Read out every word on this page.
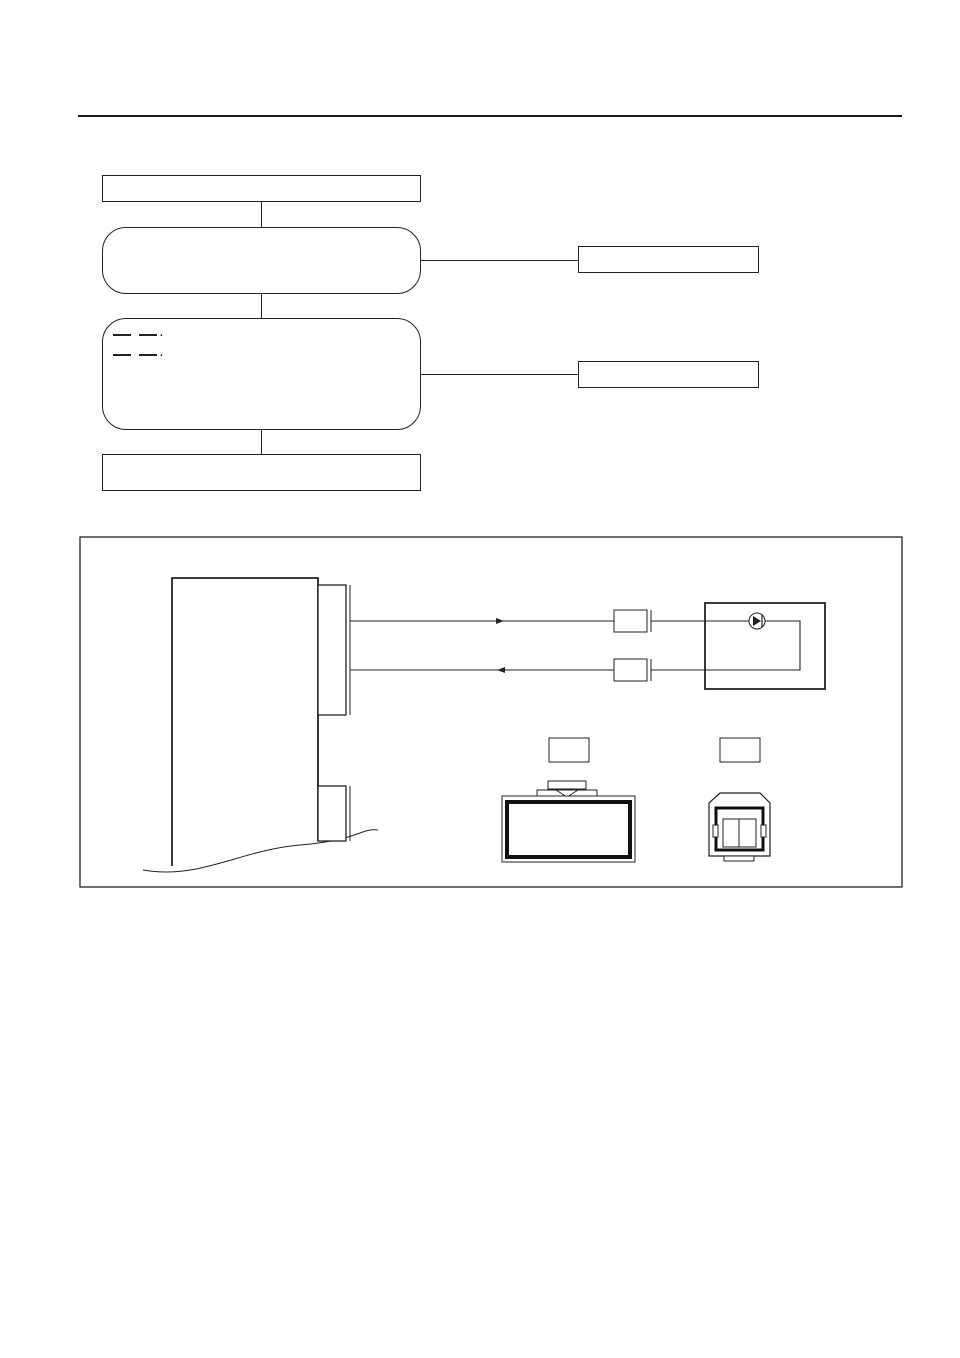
.
.
